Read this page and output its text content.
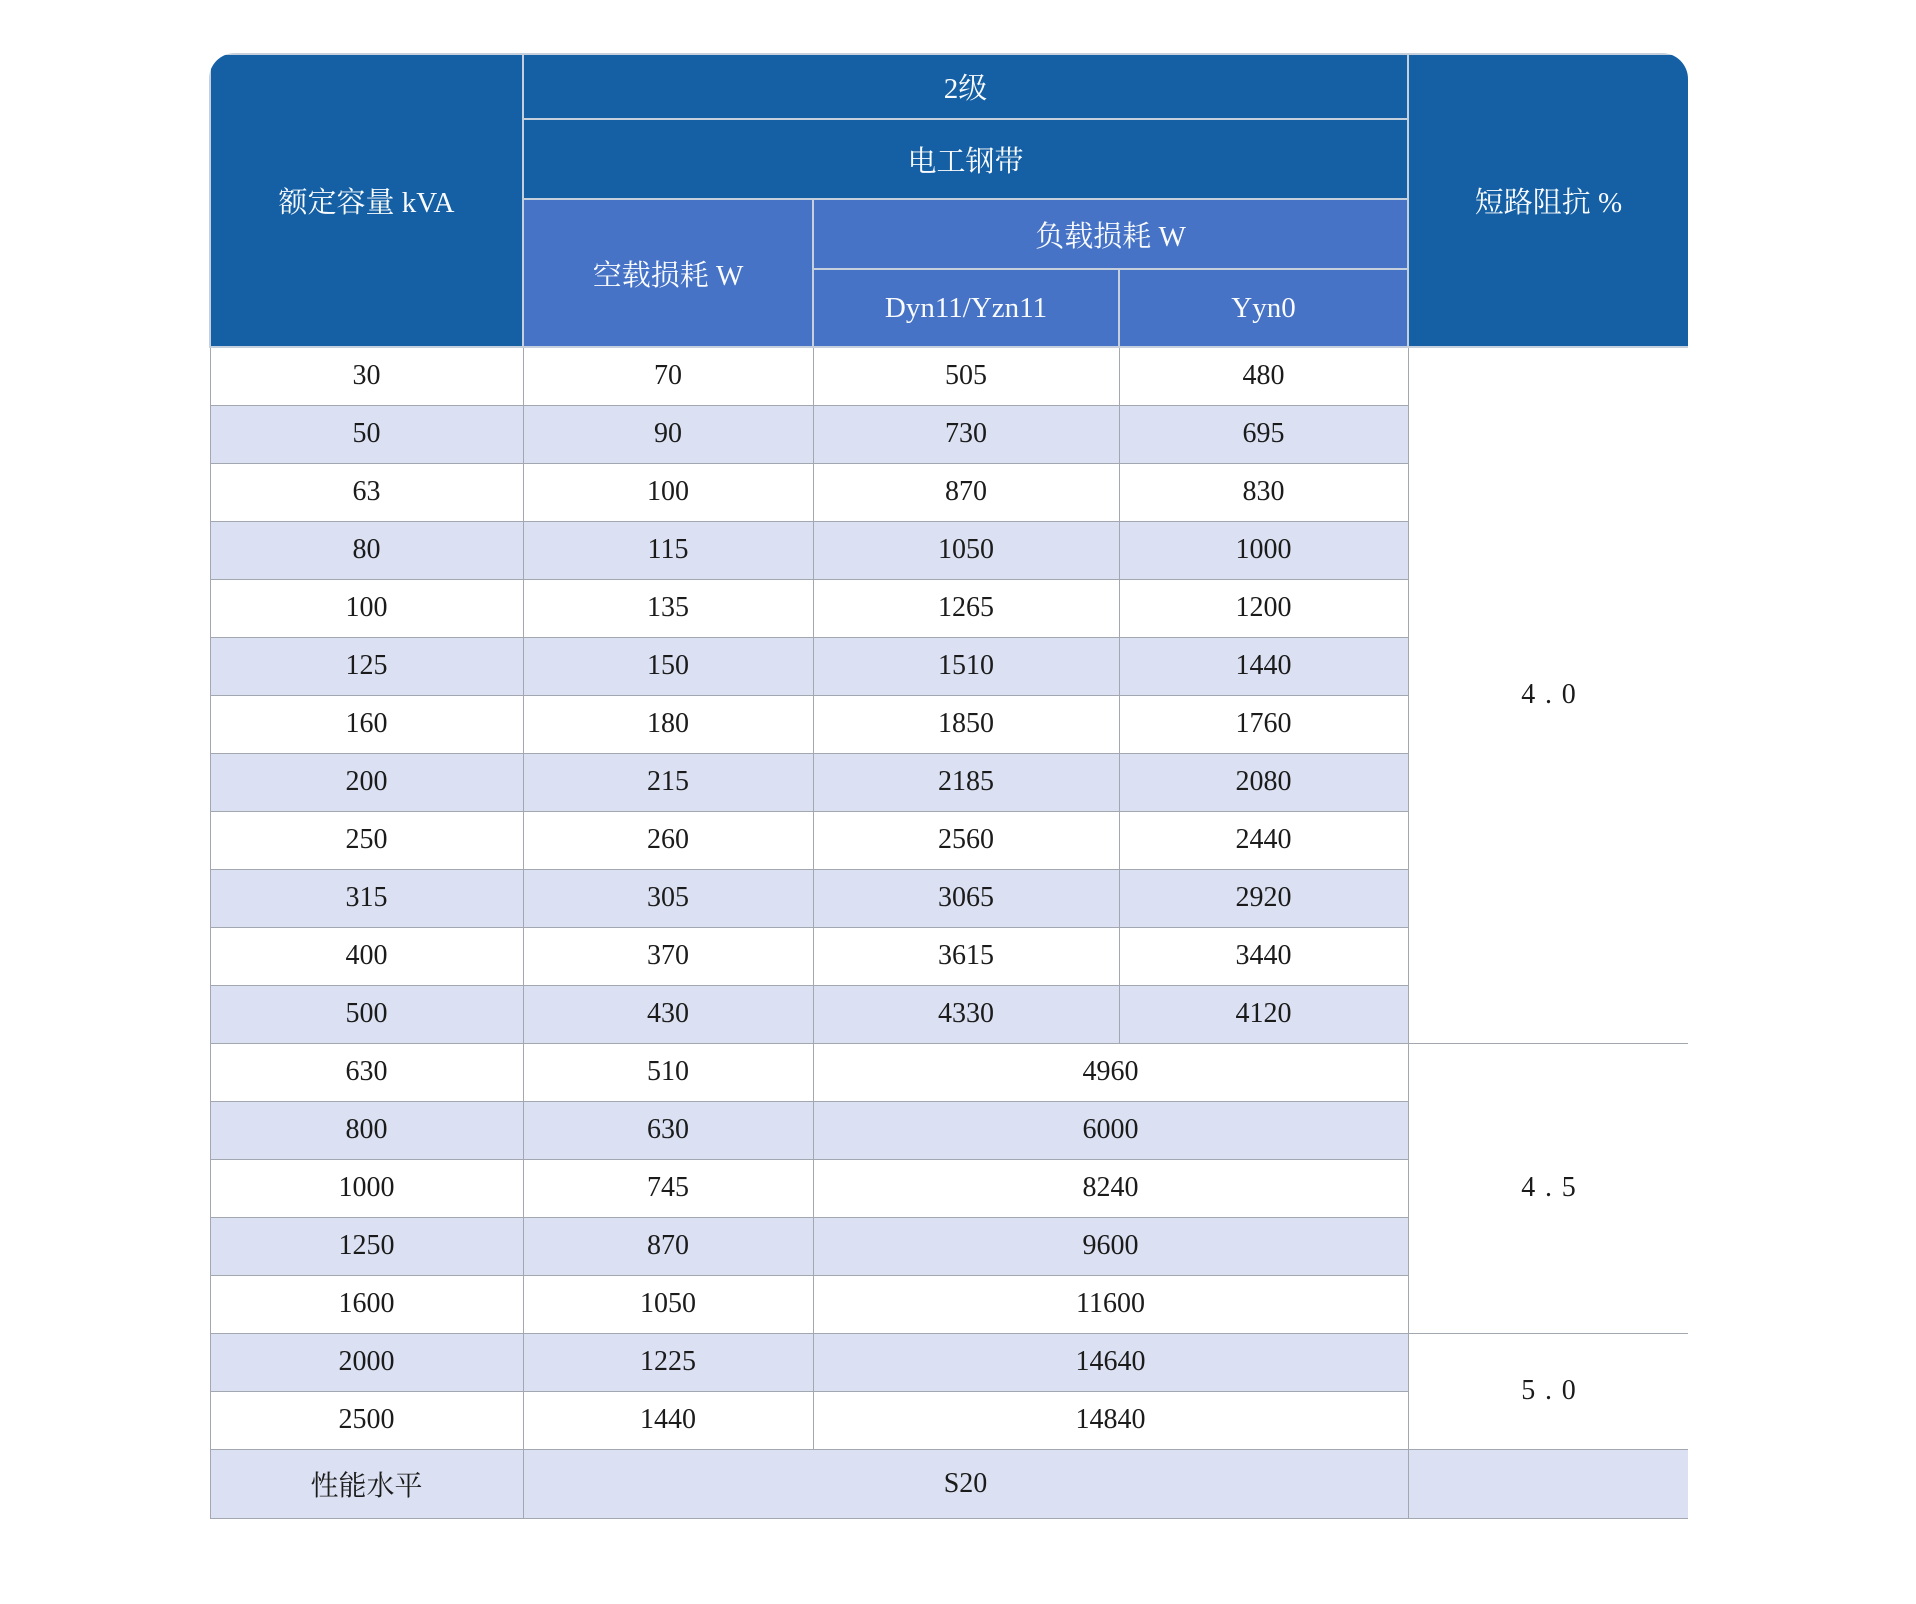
额定容量 kVA	2级			短路阻抗 %
	电工钢带			
	空载损耗 W	负载损耗 W		
		Dyn11/Yzn11	Yyn0	
30	70	505	480	4.0
50	90	730	695	
63	100	870	830	
80	115	1050	1000	
100	135	1265	1200	
125	150	1510	1440	
160	180	1850	1760	
200	215	2185	2080	
250	260	2560	2440	
315	305	3065	2920	
400	370	3615	3440	
500	430	4330	4120	
630	510	4960		4.5
800	630	6000		
1000	745	8240		
1250	870	9600		
1600	1050	11600		
2000	1225	14640		5.0
2500	1440	14840		
性能水平	S20			
